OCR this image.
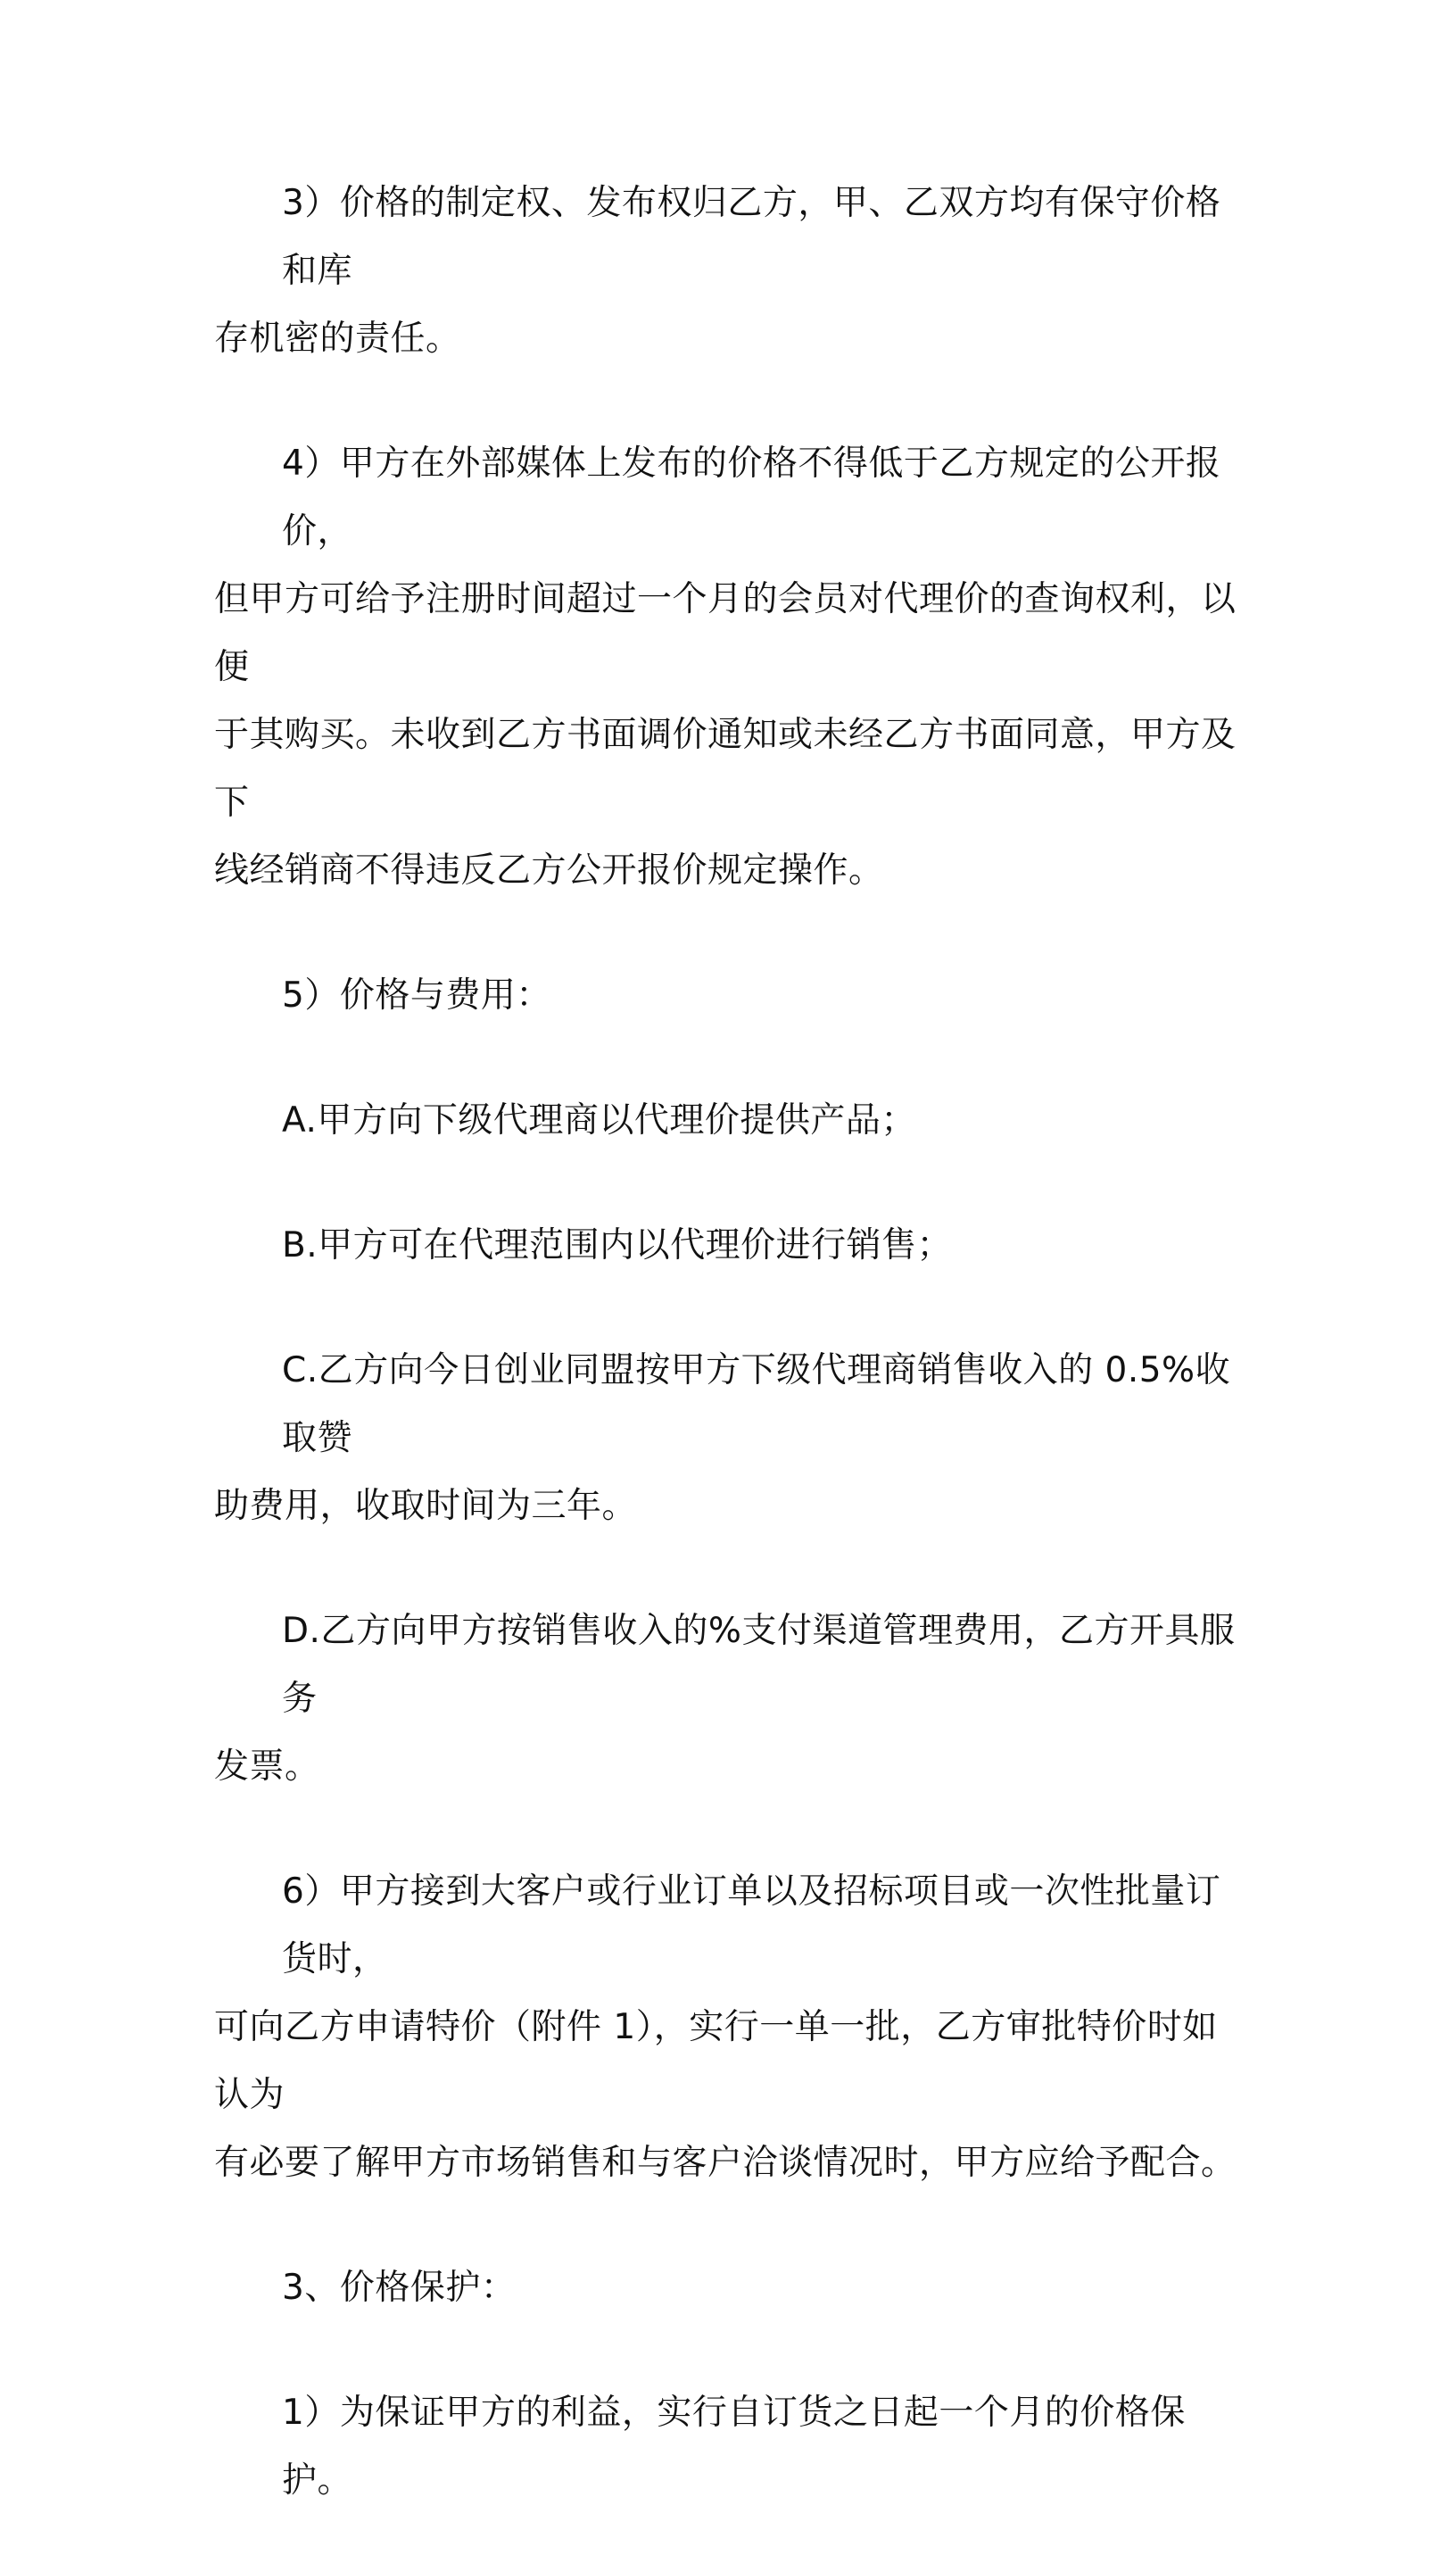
3）价格的制定权、发布权归乙方，甲、乙双方均有保守价格和库
存机密的责任。

4）甲方在外部媒体上发布的价格不得低于乙方规定的公开报价，
但甲方可给予注册时间超过一个月的会员对代理价的查询权利，以便
于其购买。未收到乙方书面调价通知或未经乙方书面同意，甲方及下
线经销商不得违反乙方公开报价规定操作。

5）价格与费用：

A.甲方向下级代理商以代理价提供产品；

B.甲方可在代理范围内以代理价进行销售；

C.乙方向今日创业同盟按甲方下级代理商销售收入的 0.5%收取赞
助费用，收取时间为三年。

D.乙方向甲方按销售收入的%支付渠道管理费用，乙方开具服务
发票。

6）甲方接到大客户或行业订单以及招标项目或一次性批量订货时，
可向乙方申请特价（附件 1），实行一单一批，乙方审批特价时如认为
有必要了解甲方市场销售和与客户洽谈情况时，甲方应给予配合。

3、价格保护：

1）为保证甲方的利益，实行自订货之日起一个月的价格保护。
